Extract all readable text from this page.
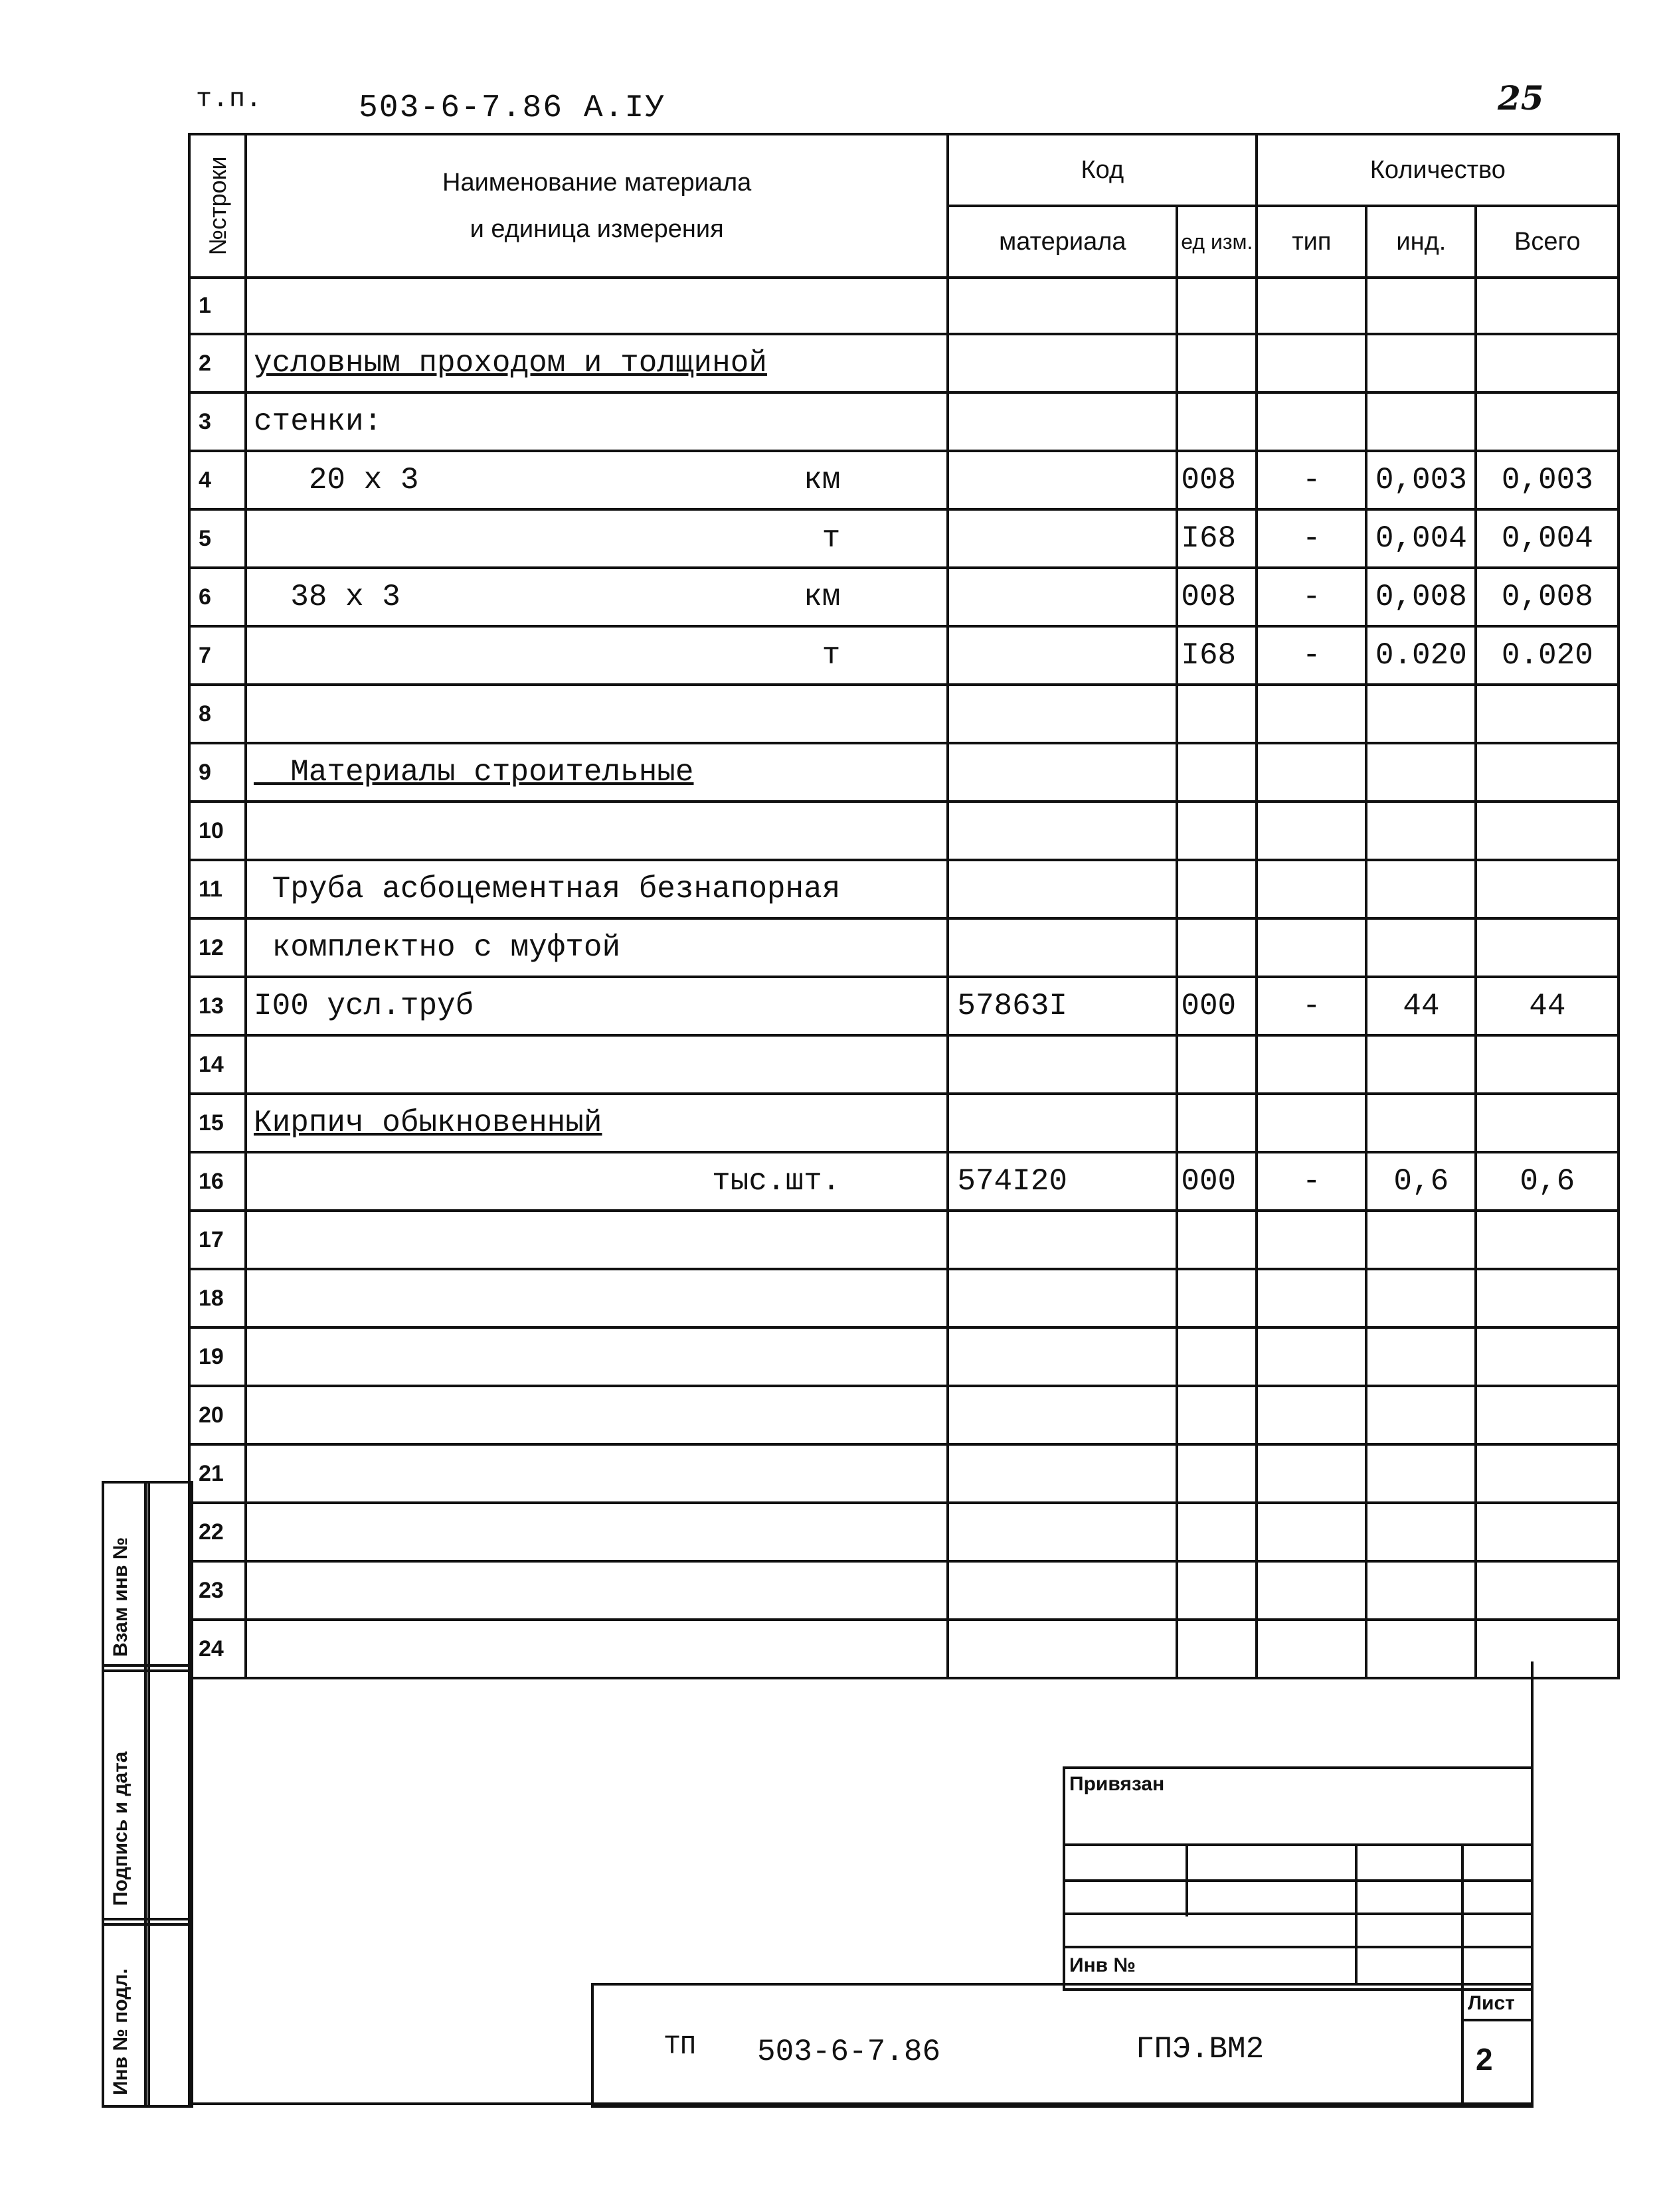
т.п.	503-6-7.86 А.IУ	25
№строки	Наименование материала
и единица измерения	Код		Количество		
		материала	ед изм.	тип	инд.	Всего
1	

2	условным проходом и толщиной					

3	стенки:					

4	20 х 3 км		008	-	0,003	0,003
5	т		I68	-	0,004	0,004
6	38 х 3 км		008	-	0,008	0,008
7	т		I68	-	0.020	0.020
8	

9	Материалы строительные					

10	

11	Труба асбоцементная безнапорная					

12	комплектно с муфтой					

13	I00 усл.труб	57863I	000	-	44	44
14	

15	Кирпич обыкновенный					

16	тыс.шт.	574I20	000	-	0,6	0,6
17	

18	

19	

20	

21	

22	

23	

24	

Взам инв №
Подпись и дата
Инв № подл.
Привязан
Инв №
ТП 503-6-7.86	ГПЭ.ВМ2
Лист
2
